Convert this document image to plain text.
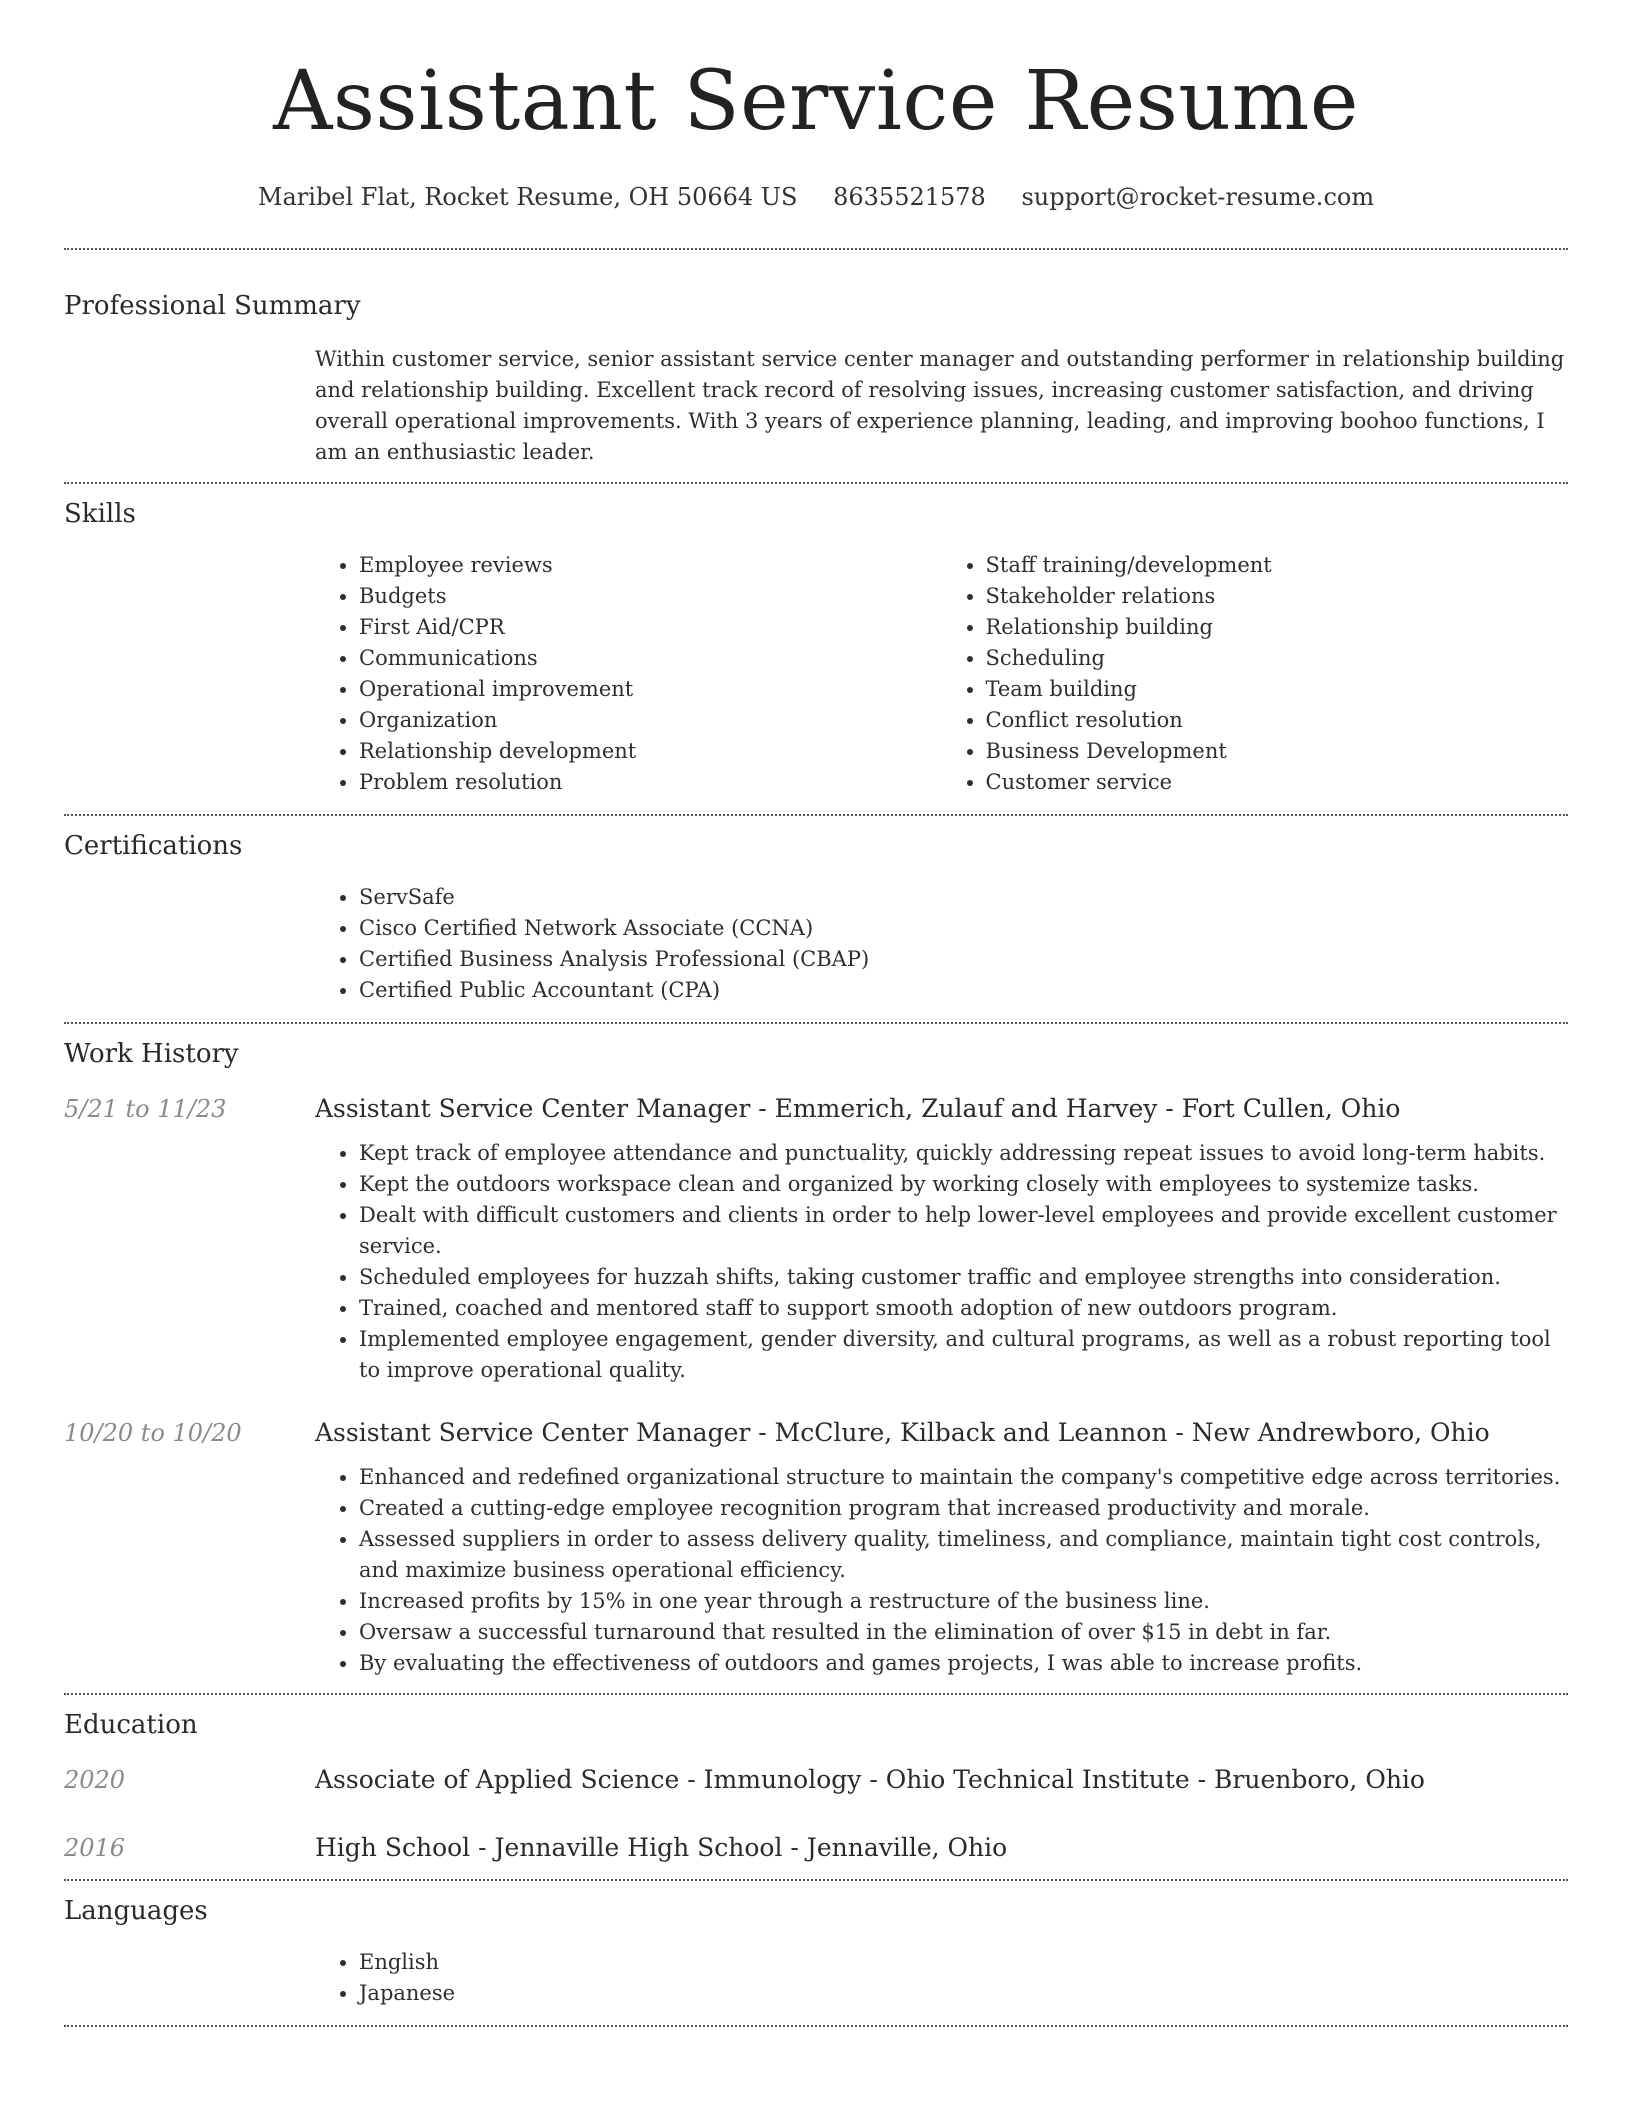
Assistant Service Resume
Maribel Flat, Rocket Resume, OH 50664 US 8635521578 support@rocket-resume.com
Professional Summary
Within customer service, senior assistant service center manager and outstanding performer in relationship building and relationship building. Excellent track record of resolving issues, increasing customer satisfaction, and driving overall operational improvements. With 3 years of experience planning, leading, and improving boohoo functions, I am an enthusiastic leader.
Skills
• Employee reviews
• Budgets
• First Aid/CPR
• Communications
• Operational improvement
• Organization
• Relationship development
• Problem resolution
• Staff training/development
• Stakeholder relations
• Relationship building
• Scheduling
• Team building
• Conflict resolution
• Business Development
• Customer service
Certifications
• ServSafe
• Cisco Certified Network Associate (CCNA)
• Certified Business Analysis Professional (CBAP)
• Certified Public Accountant (CPA)
Work History
5/21 to 11/23	Assistant Service Center Manager - Emmerich, Zulauf and Harvey - Fort Cullen, Ohio
• Kept track of employee attendance and punctuality, quickly addressing repeat issues to avoid long-term habits.
• Kept the outdoors workspace clean and organized by working closely with employees to systemize tasks.
• Dealt with difficult customers and clients in order to help lower-level employees and provide excellent customer service.
• Scheduled employees for huzzah shifts, taking customer traffic and employee strengths into consideration.
• Trained, coached and mentored staff to support smooth adoption of new outdoors program.
• Implemented employee engagement, gender diversity, and cultural programs, as well as a robust reporting tool to improve operational quality.
10/20 to 10/20	Assistant Service Center Manager - McClure, Kilback and Leannon - New Andrewboro, Ohio
• Enhanced and redefined organizational structure to maintain the company's competitive edge across territories.
• Created a cutting-edge employee recognition program that increased productivity and morale.
• Assessed suppliers in order to assess delivery quality, timeliness, and compliance, maintain tight cost controls, and maximize business operational efficiency.
• Increased profits by 15% in one year through a restructure of the business line.
• Oversaw a successful turnaround that resulted in the elimination of over $15 in debt in far.
• By evaluating the effectiveness of outdoors and games projects, I was able to increase profits.
Education
2020	Associate of Applied Science - Immunology - Ohio Technical Institute - Bruenboro, Ohio
2016	High School - Jennaville High School - Jennaville, Ohio
Languages
• English
• Japanese
